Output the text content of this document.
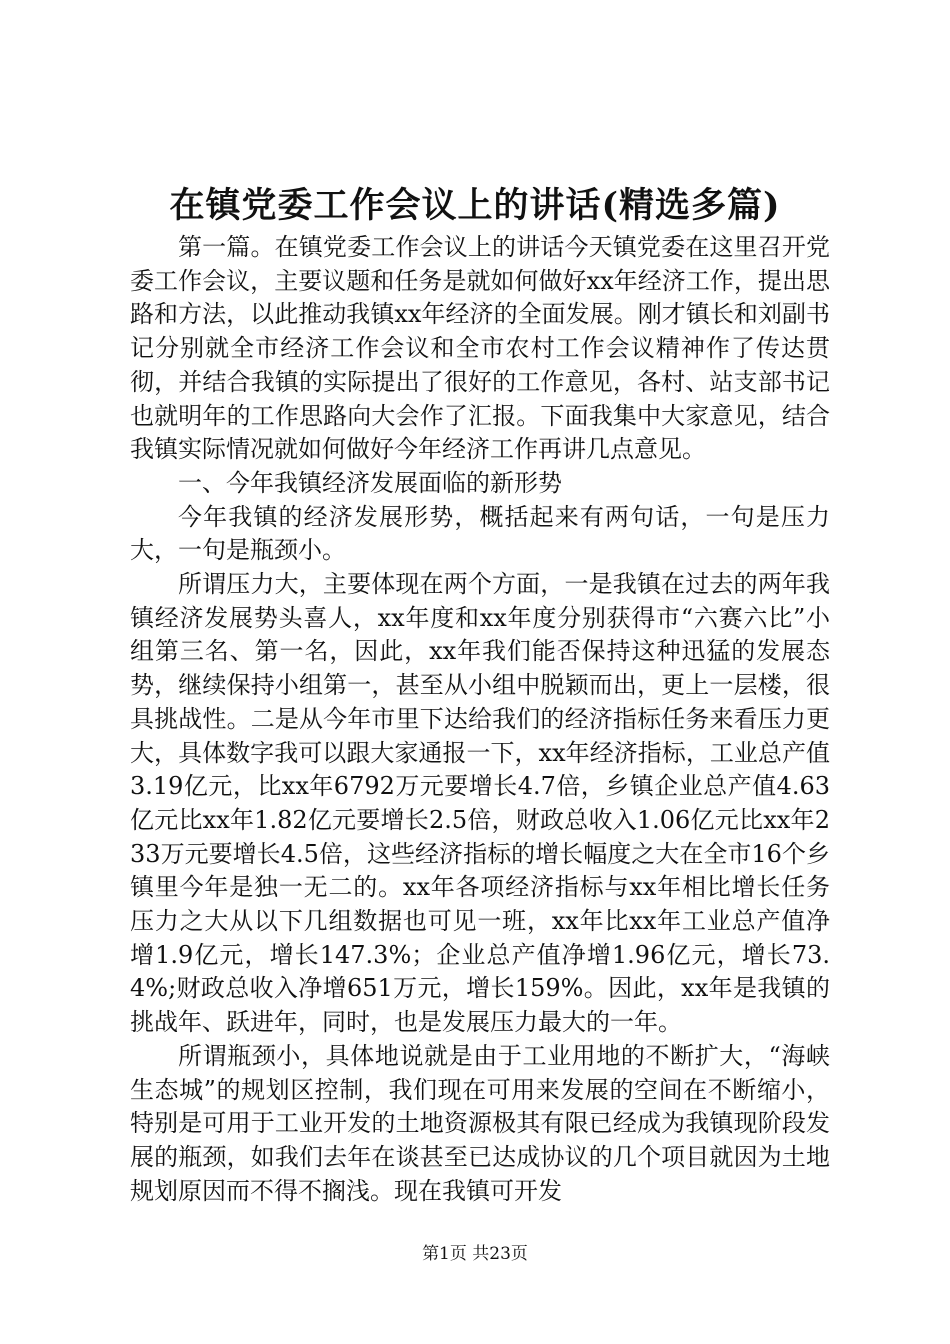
在镇党委工作会议上的讲话(精选多篇)

第一篇。在镇党委工作会议上的讲话今天镇党委在这里召开党委工作会议，主要议题和任务是就如何做好xx年经济工作，提出思路和方法，以此推动我镇xx年经济的全面发展。刚才镇长和刘副书记分别就全市经济工作会议和全市农村工作会议精神作了传达贯彻，并结合我镇的实际提出了很好的工作意见，各村、站支部书记也就明年的工作思路向大会作了汇报。下面我集中大家意见，结合我镇实际情况就如何做好今年经济工作再讲几点意见。

一、今年我镇经济发展面临的新形势

今年我镇的经济发展形势，概括起来有两句话，一句是压力大，一句是瓶颈小。

所谓压力大，主要体现在两个方面，一是我镇在过去的两年我镇经济发展势头喜人，xx年度和xx年度分别获得市“六赛六比”小组第三名、第一名，因此，xx年我们能否保持这种迅猛的发展态势，继续保持小组第一，甚至从小组中脱颖而出，更上一层楼，很具挑战性。二是从今年市里下达给我们的经济指标任务来看压力更大，具体数字我可以跟大家通报一下，xx年经济指标，工业总产值3.19亿元，比xx年6792万元要增长4.7倍，乡镇企业总产值4.63亿元比xx年1.82亿元要增长2.5倍，财政总收入1.06亿元比xx年233万元要增长4.5倍，这些经济指标的增长幅度之大在全市16个乡镇里今年是独一无二的。xx年各项经济指标与xx年相比增长任务压力之大从以下几组数据也可见一班，xx年比xx年工业总产值净增1.9亿元，增长147.3%；企业总产值净增1.96亿元，增长73.4%;财政总收入净增651万元，增长159%。因此，xx年是我镇的挑战年、跃进年，同时，也是发展压力最大的一年。

所谓瓶颈小，具体地说就是由于工业用地的不断扩大，“海峡生态城”的规划区控制，我们现在可用来发展的空间在不断缩小，特别是可用于工业开发的土地资源极其有限已经成为我镇现阶段发展的瓶颈，如我们去年在谈甚至已达成协议的几个项目就因为土地规划原因而不得不搁浅。现在我镇可开发

第1页 共23页
